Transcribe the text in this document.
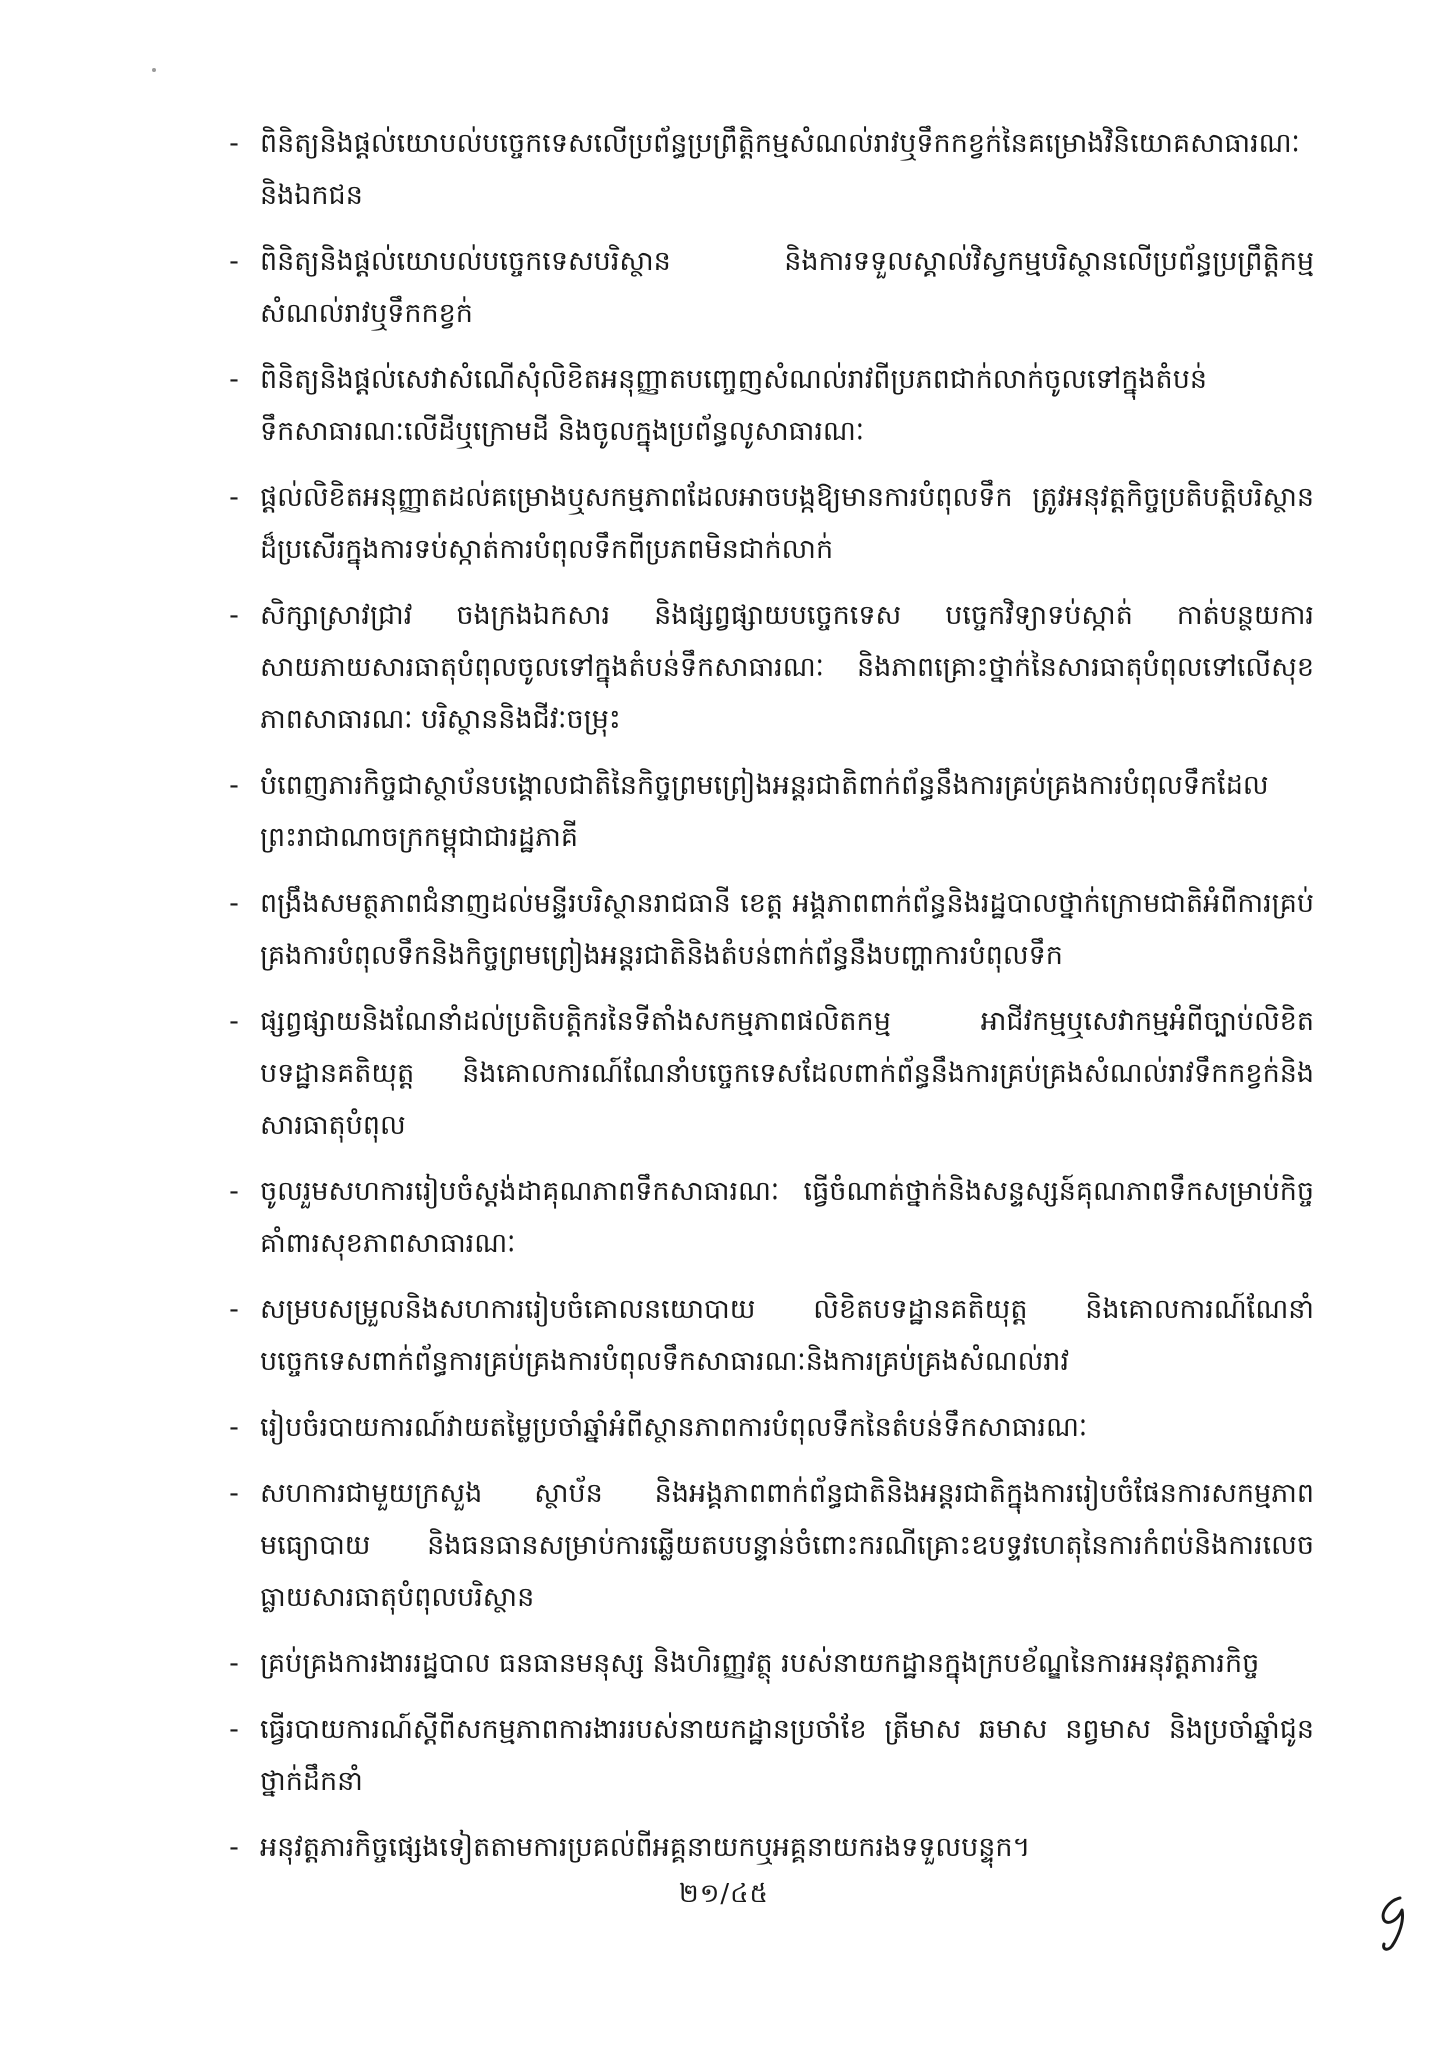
- ពិនិត្យនិងផ្តល់យោបល់បច្ចេកទេសលើប្រព័ន្ធប្រព្រឹត្តិកម្មសំណល់រាវឬទឹកកខ្វក់នៃគម្រោងវិនិយោគសាធារណៈនិងឯកជន
- ពិនិត្យនិងផ្តល់យោបល់បច្ចេកទេសបរិស្ថាន និងការទទួលស្គាល់វិស្វកម្មបរិស្ថានលើប្រព័ន្ធប្រព្រឹត្តិកម្មសំណល់រាវឬទឹកកខ្វក់
- ពិនិត្យនិងផ្តល់សេវាសំណើសុំលិខិតអនុញ្ញាតបញ្ចេញសំណល់រាវពីប្រភពជាក់លាក់ចូលទៅក្នុងតំបន់ទឹកសាធារណៈលើដីឬក្រោមដី និងចូលក្នុងប្រព័ន្ធលូសាធារណៈ
- ផ្តល់លិខិតអនុញ្ញាតដល់គម្រោងឬសកម្មភាពដែលអាចបង្កឱ្យមានការបំពុលទឹក ត្រូវអនុវត្តកិច្ចប្រតិបត្តិបរិស្ថានដ៏ប្រសើរក្នុងការទប់ស្កាត់ការបំពុលទឹកពីប្រភពមិនជាក់លាក់
- សិក្សាស្រាវជ្រាវ ចងក្រងឯកសារ និងផ្សព្វផ្សាយបច្ចេកទេស បច្ចេកវិទ្យាទប់ស្កាត់ កាត់បន្ថយការសាយភាយសារធាតុបំពុលចូលទៅក្នុងតំបន់ទឹកសាធារណៈ និងភាពគ្រោះថ្នាក់នៃសារធាតុបំពុលទៅលើសុខភាពសាធារណៈ បរិស្ថាននិងជីវៈចម្រុះ
- បំពេញភារកិច្ចជាស្ថាប័នបង្គោលជាតិនៃកិច្ចព្រមព្រៀងអន្តរជាតិពាក់ព័ន្ធនឹងការគ្រប់គ្រងការបំពុលទឹកដែលព្រះរាជាណាចក្រកម្ពុជាជារដ្ឋភាគី
- ពង្រឹងសមត្ថភាពជំនាញដល់មន្ទីរបរិស្ថានរាជធានី ខេត្ត អង្គភាពពាក់ព័ន្ធនិងរដ្ឋបាលថ្នាក់ក្រោមជាតិអំពីការគ្រប់គ្រងការបំពុលទឹកនិងកិច្ចព្រមព្រៀងអន្តរជាតិនិងតំបន់ពាក់ព័ន្ធនឹងបញ្ហាការបំពុលទឹក
- ផ្សព្វផ្សាយនិងណែនាំដល់ប្រតិបត្តិករនៃទីតាំងសកម្មភាពផលិតកម្ម អាជីវកម្មឬសេវាកម្មអំពីច្បាប់លិខិតបទដ្ឋានគតិយុត្ត និងគោលការណ៍ណែនាំបច្ចេកទេសដែលពាក់ព័ន្ធនឹងការគ្រប់គ្រងសំណល់រាវទឹកកខ្វក់និងសារធាតុបំពុល
- ចូលរួមសហការរៀបចំស្តង់ដាគុណភាពទឹកសាធារណៈ ធ្វើចំណាត់ថ្នាក់និងសន្ទស្សន៍គុណភាពទឹកសម្រាប់កិច្ចគាំពារសុខភាពសាធារណៈ
- សម្របសម្រួលនិងសហការរៀបចំគោលនយោបាយ លិខិតបទដ្ឋានគតិយុត្ត និងគោលការណ៍ណែនាំបច្ចេកទេសពាក់ព័ន្ធការគ្រប់គ្រងការបំពុលទឹកសាធារណៈនិងការគ្រប់គ្រងសំណល់រាវ
- រៀបចំរបាយការណ៍វាយតម្លៃប្រចាំឆ្នាំអំពីស្ថានភាពការបំពុលទឹកនៃតំបន់ទឹកសាធារណៈ
- សហការជាមួយក្រសួង ស្ថាប័ន និងអង្គភាពពាក់ព័ន្ធជាតិនិងអន្តរជាតិក្នុងការរៀបចំផែនការសកម្មភាព មធ្យោបាយ និងធនធានសម្រាប់ការឆ្លើយតបបន្ទាន់ចំពោះករណីគ្រោះឧបទ្ទវហេតុនៃការកំពប់និងការលេចធ្លាយសារធាតុបំពុលបរិស្ថាន
- គ្រប់គ្រងការងាររដ្ឋបាល ធនធានមនុស្ស និងហិរញ្ញវត្ថុ របស់នាយកដ្ឋានក្នុងក្របខ័ណ្ឌនៃការអនុវត្តភារកិច្ច
- ធ្វើរបាយការណ៍ស្តីពីសកម្មភាពការងាររបស់នាយកដ្ឋានប្រចាំខែ ត្រីមាស ឆមាស នព្វមាស និងប្រចាំឆ្នាំជូនថ្នាក់ដឹកនាំ
- អនុវត្តភារកិច្ចផ្សេងទៀតតាមការប្រគល់ពីអគ្គនាយកឬអគ្គនាយករងទទួលបន្ទុក។
២១/៤៥
